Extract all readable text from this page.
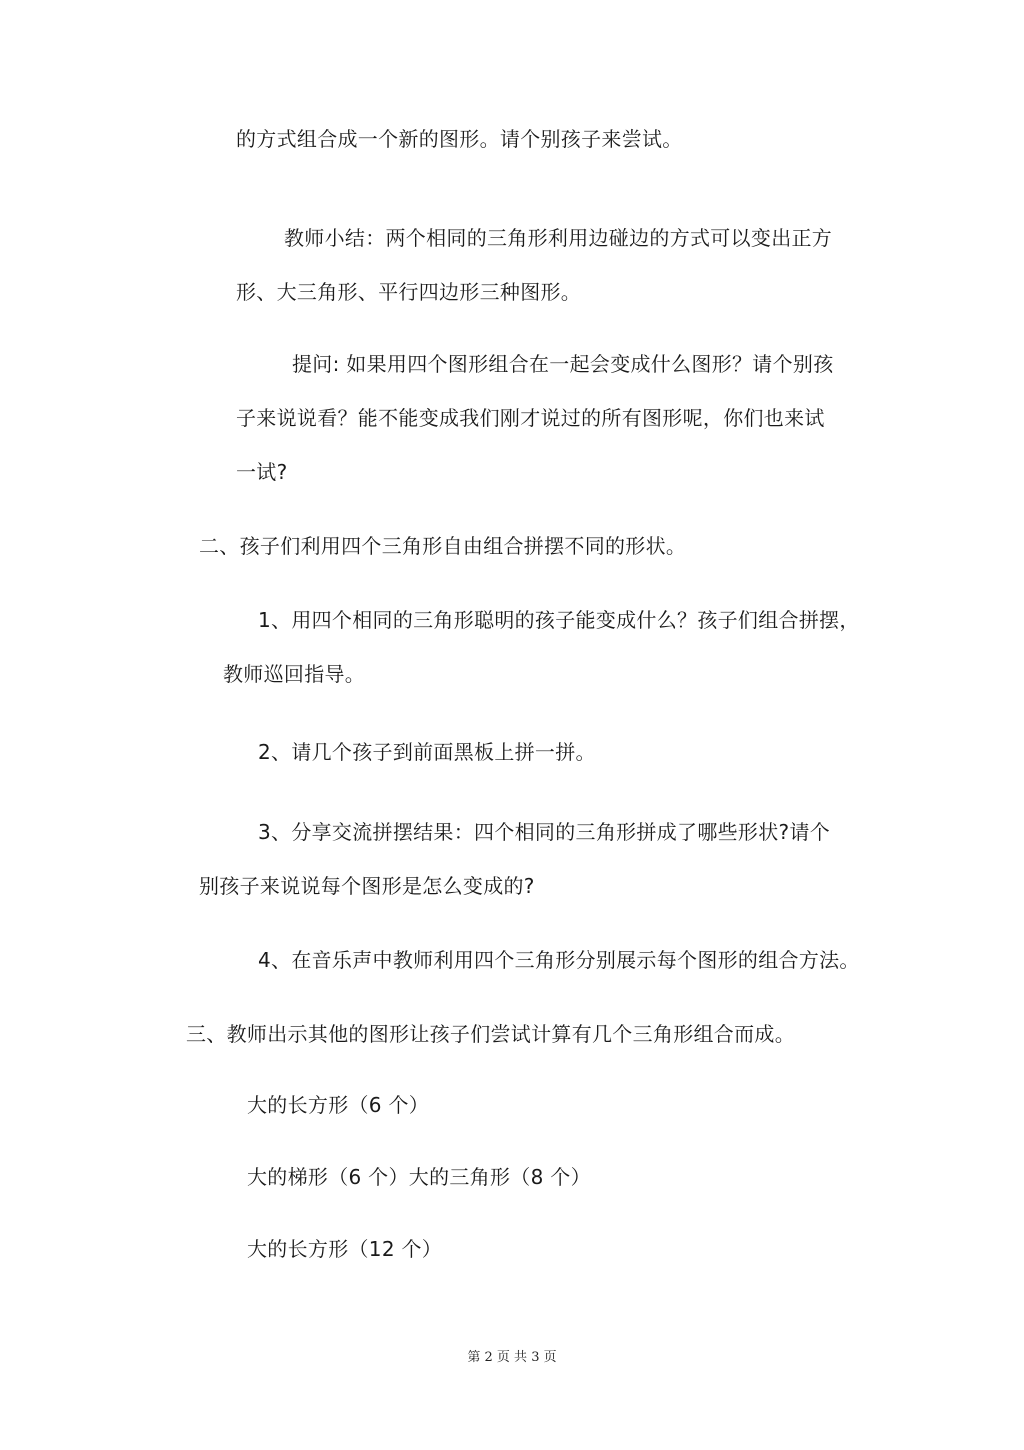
的方式组合成一个新的图形。请个别孩子来尝试。
教师小结：两个相同的三角形利用边碰边的方式可以变出正方
形、大三角形、平行四边形三种图形。
提问: 如果用四个图形组合在一起会变成什么图形？请个别孩
子来说说看？能不能变成我们刚才说过的所有图形呢，你们也来试
一试?
二、孩子们利用四个三角形自由组合拼摆不同的形状。
1、用四个相同的三角形聪明的孩子能变成什么？孩子们组合拼摆，
教师巡回指导。
2、请几个孩子到前面黑板上拼一拼。
3、分享交流拼摆结果：四个相同的三角形拼成了哪些形状?请个
别孩子来说说每个图形是怎么变成的?
4、在音乐声中教师利用四个三角形分别展示每个图形的组合方法。
三、教师出示其他的图形让孩子们尝试计算有几个三角形组合而成。
大的长方形（6 个）
大的梯形（6 个）大的三角形（8 个）
大的长方形（12 个）
第 2 页 共 3 页
